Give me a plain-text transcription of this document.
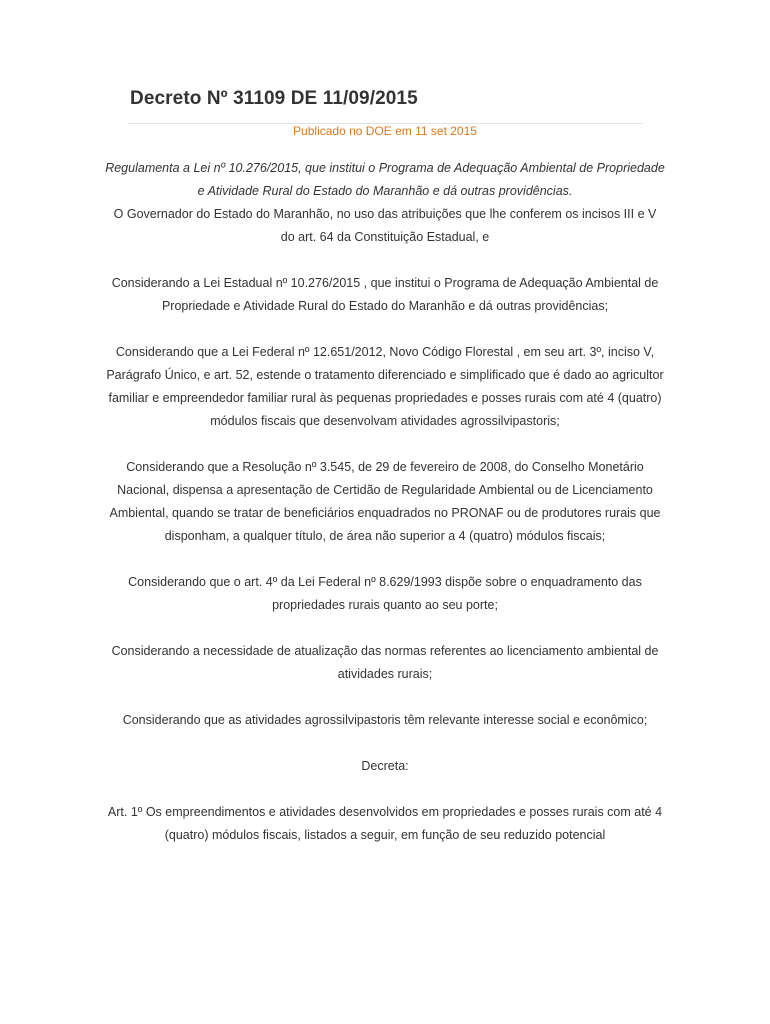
Decreto Nº 31109 DE 11/09/2015
Publicado no DOE em 11 set 2015

Regulamenta a Lei nº 10.276/2015, que institui o Programa de Adequação Ambiental de Propriedade e Atividade Rural do Estado do Maranhão e dá outras providências.

O Governador do Estado do Maranhão, no uso das atribuições que lhe conferem os incisos III e V do art. 64 da Constituição Estadual, e

Considerando a Lei Estadual nº 10.276/2015 , que institui o Programa de Adequação Ambiental de Propriedade e Atividade Rural do Estado do Maranhão e dá outras providências;

Considerando que a Lei Federal nº 12.651/2012, Novo Código Florestal , em seu art. 3º, inciso V, Parágrafo Único, e art. 52, estende o tratamento diferenciado e simplificado que é dado ao agricultor familiar e empreendedor familiar rural às pequenas propriedades e posses rurais com até 4 (quatro) módulos fiscais que desenvolvam atividades agrossilvipastoris;

Considerando que a Resolução nº 3.545, de 29 de fevereiro de 2008, do Conselho Monetário Nacional, dispensa a apresentação de Certidão de Regularidade Ambiental ou de Licenciamento Ambiental, quando se tratar de beneficiários enquadrados no PRONAF ou de produtores rurais que disponham, a qualquer título, de área não superior a 4 (quatro) módulos fiscais;

Considerando que o art. 4º da Lei Federal nº 8.629/1993 dispõe sobre o enquadramento das propriedades rurais quanto ao seu porte;

Considerando a necessidade de atualização das normas referentes ao licenciamento ambiental de atividades rurais;

Considerando que as atividades agrossilvipastoris têm relevante interesse social e econômico;

Decreta:

Art. 1º Os empreendimentos e atividades desenvolvidos em propriedades e posses rurais com até 4 (quatro) módulos fiscais, listados a seguir, em função de seu reduzido potencial
